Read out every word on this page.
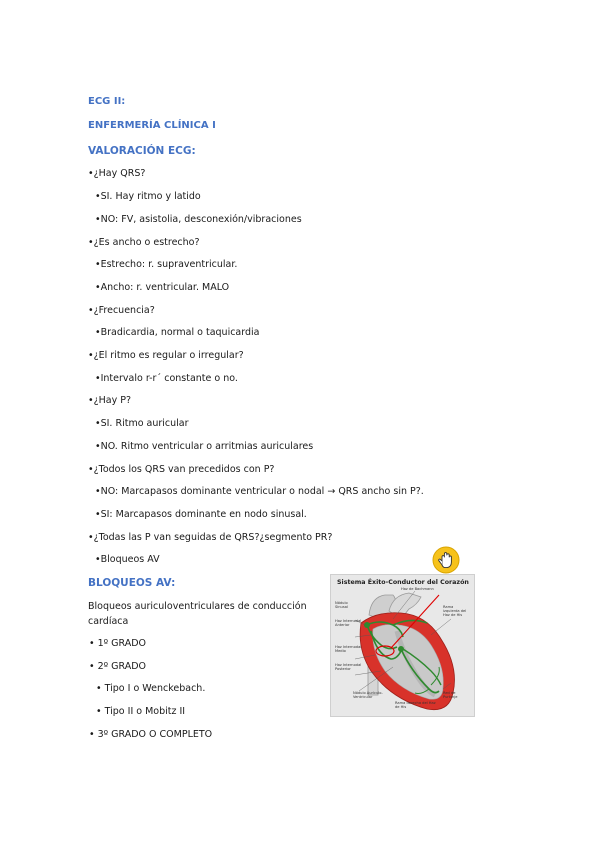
ECG II:
ENFERMERÍA CLÍNICA I
VALORACIÓN ECG:
•¿Hay QRS?
•SI. Hay ritmo y latido
•NO: FV, asistolia, desconexión/vibraciones
•¿Es ancho o estrecho?
•Estrecho: r. supraventricular.
•Ancho: r. ventricular. MALO
•¿Frecuencia?
•Bradicardia, normal o taquicardia
•¿El ritmo es regular o irregular?
•Intervalo r-r´ constante o no.
•¿Hay P?
•SI. Ritmo auricular
•NO. Ritmo ventricular o arritmias auriculares
•¿Todos los QRS van precedidos con P?
•NO: Marcapasos dominante ventricular o nodal → QRS ancho sin P?.
•SI: Marcapasos dominante en nodo sinusal.
•¿Todas las P van seguidas de QRS?¿segmento PR?
•Bloqueos AV
BLOQUEOS AV:
Bloqueos auriculoventriculares de conducción
cardíaca
• 1º GRADO
• 2º GRADO
• Tipo I o Wenckebach.
• Tipo II o Mobitz II
• 3º GRADO O COMPLETO
Sistema Éxito-Conductor del Corazón
Haz de Bachmann
Nódulo Sinusal
Haz Internodal Anterior
Haz Internodal Medio
Haz Internodal Posterior
Nódulo Aurículo-Ventricular
Rama derecha del Haz de His
Rama izquierda del Haz de His
Red de Purkinje
